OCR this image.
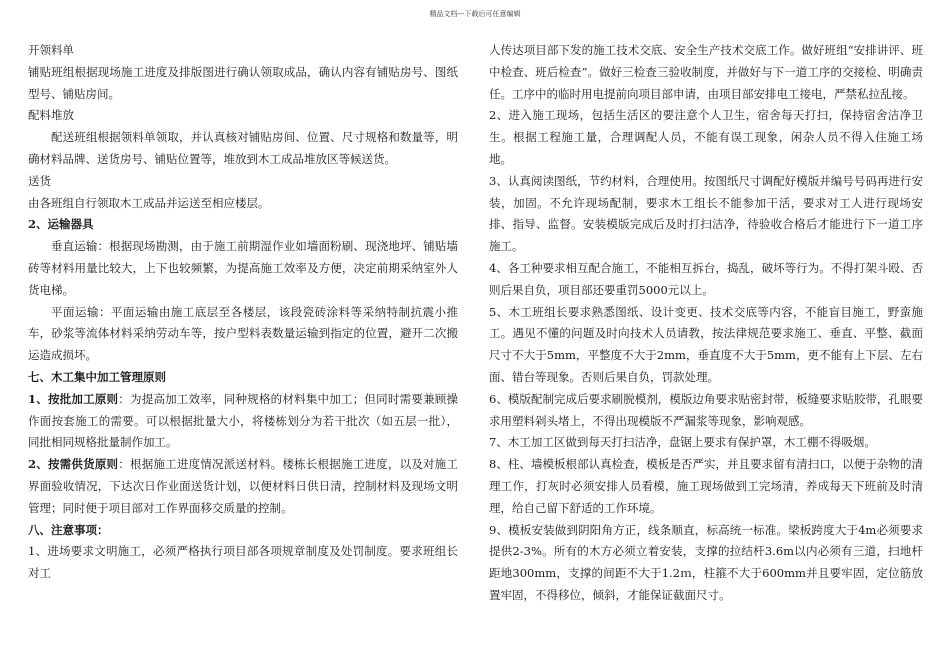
精品文档---下载后可任意编辑

开领料单

铺贴班组根据现场施工进度及排版图进行确认领取成品，确认内容有铺贴房号、图纸型号、铺贴房间。

配料堆放

配送班组根据领料单领取，并认真核对铺贴房间、位置、尺寸规格和数量等，明确材料品牌、送货房号、铺贴位置等，堆放到木工成品堆放区等候送货。

送货

由各班组自行领取木工成品并运送至相应楼层。

2、运输器具

垂直运输：根据现场勘测，由于施工前期湿作业如墙面粉刷、现浇地坪、铺贴墙砖等材料用量比较大，上下也较频繁，为提高施工效率及方便，决定前期采纳室外人货电梯。

平面运输：平面运输由施工底层至各楼层，该段瓷砖涂料等采纳特制抗震小推车，砂浆等流体材料采纳劳动车等，按户型料表数量运输到指定的位置，避开二次搬运造成损坏。

七、木工集中加工管理原则

1、按批加工原则：为提高加工效率，同种规格的材料集中加工；但同时需要兼顾操作面按套施工的需要。可以根据批量大小，将楼栋划分为若干批次（如五层一批），同批相同规格批量制作加工。

2、按需供货原则：根据施工进度情况派送材料。楼栋长根据施工进度，以及对施工界面验收情况，下达次日作业面送货计划，以便材料日供日清，控制材料及现场文明管理；同时便于项目部对工作界面移交质量的控制。

八、注意事项：

1、进场要求文明施工，必须严格执行项目部各项规章制度及处罚制度。要求班组长对工

人传达项目部下发的施工技术交底、安全生产技术交底工作。做好班组“安排讲评、班中检查、班后检查”。做好三检查三验收制度，并做好与下一道工序的交接检、明确责任。工序中的临时用电提前向项目部申请，由项目部安排电工接电，严禁私拉乱接。

2、进入施工现场，包括生活区的要注意个人卫生，宿舍每天打扫，保持宿舍洁净卫生。根据工程施工量，合理调配人员，不能有误工现象，闲杂人员不得入住施工场地。

3、认真阅读图纸，节约材料，合理使用。按图纸尺寸调配好模版并编号号码再进行安装，加固。不允许现场配制，要求木工组长不能参加干活，要求对工人进行现场安排、指导、监督。安装模版完成后及时打扫洁净，待验收合格后才能进行下一道工序施工。

4、各工种要求相互配合施工，不能相互拆台，捣乱，破坏等行为。不得打架斗殴、否则后果自负，项目部还要重罚5000元以上。

5、木工班组长要求熟悉图纸、设计变更、技术交底等内容，不能盲目施工，野蛮施工。遇见不懂的问题及时向技术人员请教，按法律规范要求施工、垂直、平整、截面尺寸不大于5mm，平整度不大于2mm，垂直度不大于5mm，更不能有上下层、左右面、错台等现象。否则后果自负，罚款处理。

6、模版配制完成后要求刷脱模剂，模版边角要求贴密封带，板缝要求贴胶带，孔眼要求用塑料剁头堵上，不得出现模版不严漏浆等现象，影响观感。

7、木工加工区做到每天打扫洁净，盘锯上要求有保护罩，木工棚不得吸烟。

8、柱、墙模板根部认真检查，模板是否严实，并且要求留有清扫口，以便于杂物的清理工作，打灰时必须安排人员看模，施工现场做到工完场清，养成每天下班前及时清理，给自己留下舒适的工作环境。

9、模板安装做到阴阳角方正，线条顺直，标高统一标准。梁板跨度大于4m必须要求提供2-3%。所有的木方必须立着安装，支撑的拉结杆3.6m以内必须有三道，扫地杆距地300mm，支撑的间距不大于1.2ｍ，柱箍不大于600mm并且要牢固，定位筋放置牢固，不得移位，倾斜，才能保证截面尺寸。
